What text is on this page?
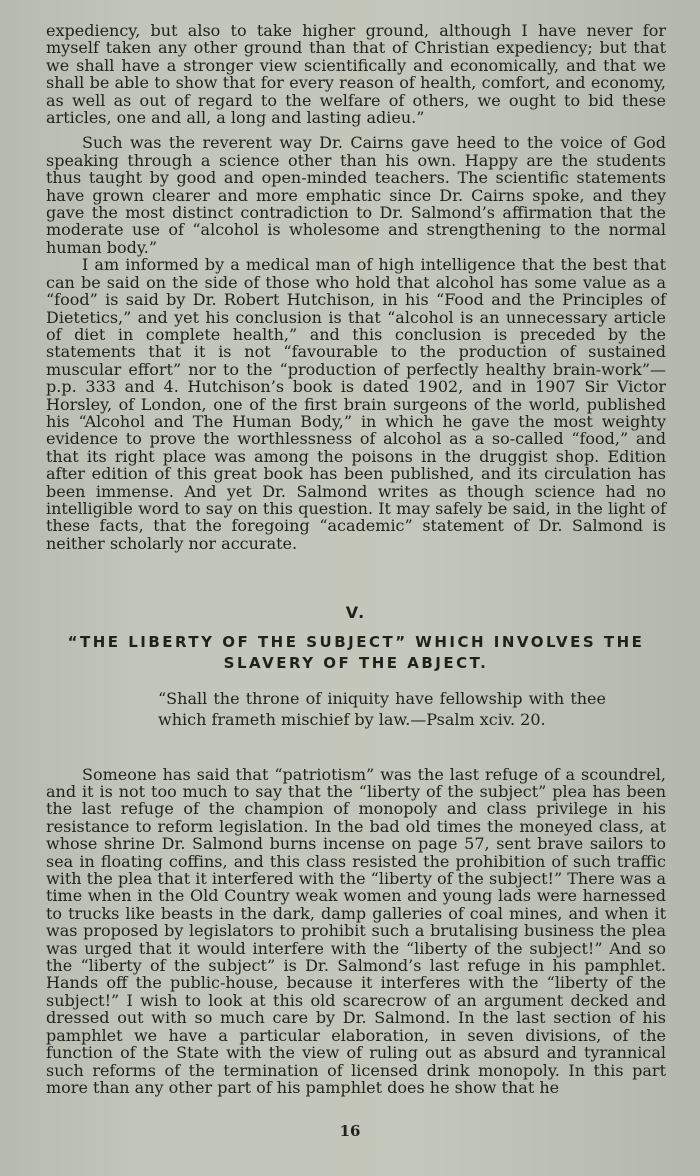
expediency, but also to take higher ground, although I have never for myself taken any other ground than that of Christian expediency; but that we shall have a stronger view scientifically and economically, and that we shall be able to show that for every reason of health, comfort, and economy, as well as out of regard to the welfare of others, we ought to bid these articles, one and all, a long and lasting adieu.”

Such was the reverent way Dr. Cairns gave heed to the voice of God speaking through a science other than his own. Happy are the students thus taught by good and open-minded teachers. The scientific statements have grown clearer and more emphatic since Dr. Cairns spoke, and they gave the most distinct contradiction to Dr. Salmond’s affirmation that the moderate use of “alcohol is wholesome and strengthening to the normal human body.”

I am informed by a medical man of high intelligence that the best that can be said on the side of those who hold that alcohol has some value as a “food” is said by Dr. Robert Hutchison, in his “Food and the Principles of Dietetics,” and yet his conclusion is that “alcohol is an unnecessary article of diet in complete health,” and this conclusion is preceded by the statements that it is not “favourable to the production of sustained muscular effort” nor to the “production of perfectly healthy brain-work”—p.p. 333 and 4. Hutchison’s book is dated 1902, and in 1907 Sir Victor Horsley, of London, one of the first brain surgeons of the world, published his “Alcohol and The Human Body,” in which he gave the most weighty evidence to prove the worthlessness of alcohol as a so-called “food,” and that its right place was among the poisons in the druggist shop. Edition after edition of this great book has been published, and its circulation has been immense. And yet Dr. Salmond writes as though science had no intelligible word to say on this question. It may safely be said, in the light of these facts, that the foregoing “academic” statement of Dr. Salmond is neither scholarly nor accurate.

V.

“THE LIBERTY OF THE SUBJECT” WHICH INVOLVES THE
SLAVERY OF THE ABJECT.

“Shall the throne of iniquity have fellowship with thee which frameth mischief by law.—Psalm xciv. 20.

Someone has said that “patriotism” was the last refuge of a scoundrel, and it is not too much to say that the “liberty of the subject” plea has been the last refuge of the champion of monopoly and class privilege in his resistance to reform legislation. In the bad old times the moneyed class, at whose shrine Dr. Salmond burns incense on page 57, sent brave sailors to sea in floating coffins, and this class resisted the prohibition of such traffic with the plea that it interfered with the “liberty of the subject!” There was a time when in the Old Country weak women and young lads were harnessed to trucks like beasts in the dark, damp galleries of coal mines, and when it was proposed by legislators to prohibit such a brutalising business the plea was urged that it would interfere with the “liberty of the subject!” And so the “liberty of the subject” is Dr. Salmond’s last refuge in his pamphlet. Hands off the public-house, because it interferes with the “liberty of the subject!” I wish to look at this old scarecrow of an argument decked and dressed out with so much care by Dr. Salmond. In the last section of his pamphlet we have a particular elaboration, in seven divisions, of the function of the State with the view of ruling out as absurd and tyrannical such reforms of the termination of licensed drink monopoly. In this part more than any other part of his pamphlet does he show that he

16
